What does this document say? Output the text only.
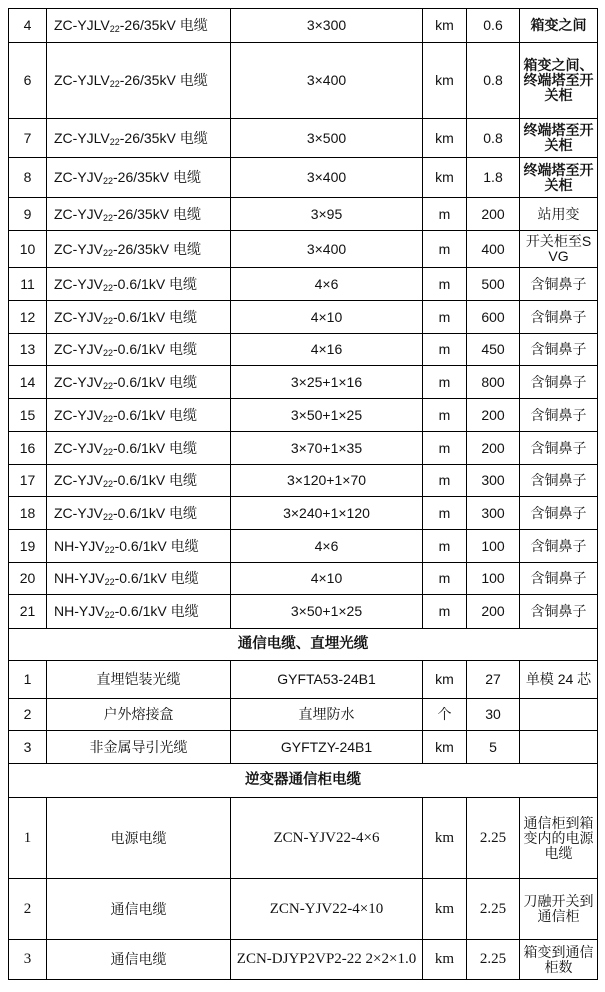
4	$ZC-YJLV_{22}-26/35kV$ 电缆	3×300	km	0.6	箱变之间
6	$ZC-YJLV_{22}-26/35kV$ 电缆	3×400	km	0.8	箱变之间、终端塔至开关柜
7	$ZC-YJLV_{22}-26/35kV$ 电缆	3×500	km	0.8	终端塔至开关柜
8	$ZC-YJV_{22}-26/35kV$ 电缆	3×400	km	1.8	终端塔至开关柜
9	$ZC-YJV_{22}-26/35kV$ 电缆	3×95	m	200	站用变
10	$ZC-YJV_{22}-26/35kV$ 电缆	3×400	m	400	开关柜至SVG
11	$ZC-YJV_{22}-0.6/1kV$ 电缆	4×6	m	500	含铜鼻子
12	$ZC-YJV_{22}-0.6/1kV$ 电缆	4×10	m	600	含铜鼻子
13	$ZC-YJV_{22}-0.6/1kV$ 电缆	4×16	m	450	含铜鼻子
14	$ZC-YJV_{22}-0.6/1kV$ 电缆	3×25+1×16	m	800	含铜鼻子
15	$ZC-YJV_{22}-0.6/1kV$ 电缆	3×50+1×25	m	200	含铜鼻子
16	$ZC-YJV_{22}-0.6/1kV$ 电缆	3×70+1×35	m	200	含铜鼻子
17	$ZC-YJV_{22}-0.6/1kV$ 电缆	3×120+1×70	m	300	含铜鼻子
18	$ZC-YJV_{22}-0.6/1kV$ 电缆	3×240+1×120	m	300	含铜鼻子
19	$NH-YJV_{22}-0.6/1kV$ 电缆	4×6	m	100	含铜鼻子
20	$NH-YJV_{22}-0.6/1kV$ 电缆	4×10	m	100	含铜鼻子
21	$NH-YJV_{22}-0.6/1kV$ 电缆	3×50+1×25	m	200	含铜鼻子
通信电缆、直埋光缆					
1	直埋铠装光缆	GYFTA53-24B1	km	27	单模 24 芯
2	户外熔接盒	直埋防水	个	30	
3	非金属导引光缆	GYFTZY-24B1	km	5	
逆变器通信柜电缆					
1	电源电缆	ZCN-YJV22-4×6	km	2.25	通信柜到箱变内的电源电缆
2	通信电缆	ZCN-YJV22-4×10	km	2.25	刀融开关到通信柜
3	通信电缆	ZCN-DJYP2VP2-22 2×2×1.0	km	2.25	箱变到通信柜数
